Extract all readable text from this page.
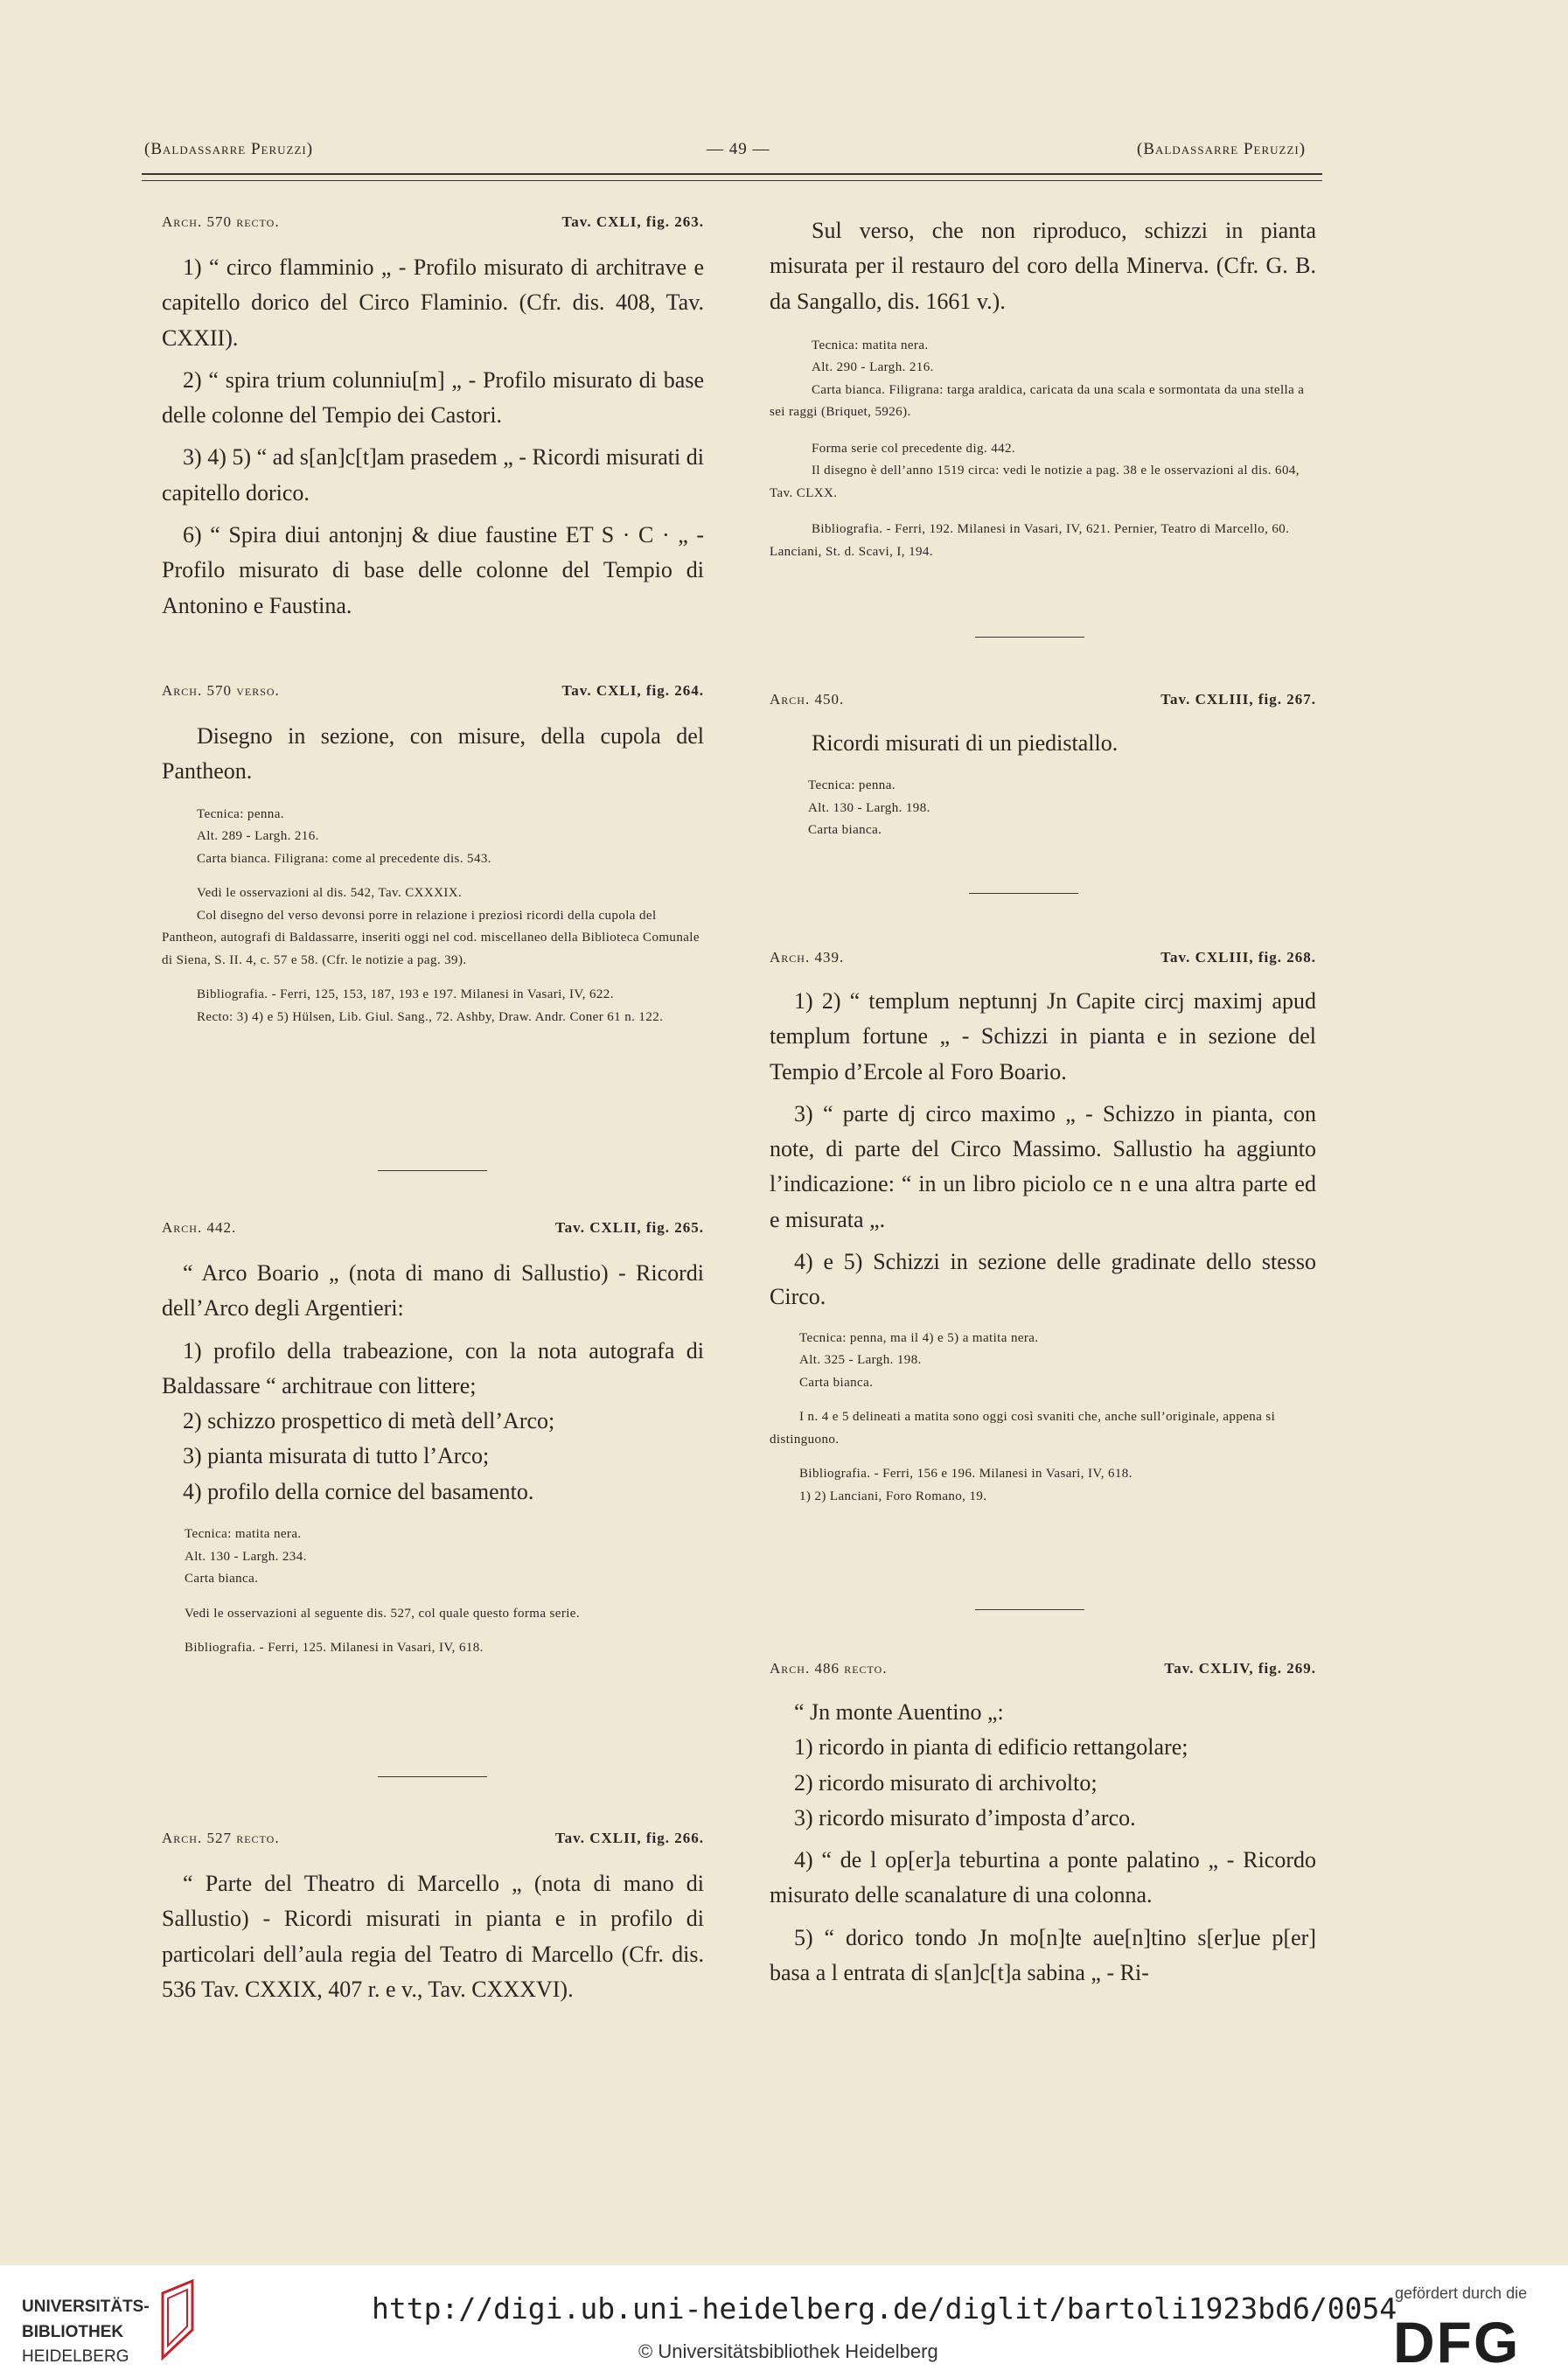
(Baldassarre Peruzzi)	— 49 —	(Baldassarre Peruzzi)
Arch. 570 recto.	Tav. CXLI, fig. 263.
1) “ circo flamminio „ - Profilo misurato di architrave e capitello dorico del Circo Flaminio. (Cfr. dis. 408, Tav. CXXII).
2) “ spira trium colunniu[m] „ - Profilo misurato di base delle colonne del Tempio dei Castori.
3) 4) 5) “ ad s[an]c[t]am prasedem „ - Ricordi misurati di capitello dorico.
6) “ Spira diui antonjnj & diue faustine ET S · C · „ - Profilo misurato di base delle colonne del Tempio di Antonino e Faustina.
Arch. 570 verso.	Tav. CXLI, fig. 264.
Disegno in sezione, con misure, della cupola del Pantheon.
Tecnica: penna.
Alt. 289 - Largh. 216.
Carta bianca. Filigrana: come al precedente dis. 543.
Vedi le osservazioni al dis. 542, Tav. CXXXIX.
Col disegno del verso devonsi porre in relazione i preziosi ricordi della cupola del Pantheon, autografi di Baldassarre, inseriti oggi nel cod. miscellaneo della Biblioteca Comunale di Siena, S. II. 4, c. 57 e 58. (Cfr. le notizie a pag. 39).
Bibliografia. - Ferri, 125, 153, 187, 193 e 197. Milanesi in Vasari, IV, 622.
Recto: 3) 4) e 5) Hülsen, Lib. Giul. Sang., 72. Ashby, Draw. Andr. Coner 61 n. 122.
Arch. 442.	Tav. CXLII, fig. 265.
“ Arco Boario „ (nota di mano di Sallustio) - Ricordi dell’Arco degli Argentieri:
1) profilo della trabeazione, con la nota autografa di Baldassare “ architraue con littere;
2) schizzo prospettico di metà dell’Arco;
3) pianta misurata di tutto l’Arco;
4) profilo della cornice del basamento.
Tecnica: matita nera.
Alt. 130 - Largh. 234.
Carta bianca.
Vedi le osservazioni al seguente dis. 527, col quale questo forma serie.
Bibliografia. - Ferri, 125. Milanesi in Vasari, IV, 618.
Arch. 527 recto.	Tav. CXLII, fig. 266.
“ Parte del Theatro di Marcello „ (nota di mano di Sallustio) - Ricordi misurati in pianta e in profilo di particolari dell’aula regia del Teatro di Marcello (Cfr. dis. 536 Tav. CXXIX, 407 r. e v., Tav. CXXXVI).
Sul verso, che non riproduco, schizzi in pianta misurata per il restauro del coro della Minerva. (Cfr. G. B. da Sangallo, dis. 1661 v.).
Tecnica: matita nera.
Alt. 290 - Largh. 216.
Carta bianca. Filigrana: targa araldica, caricata da una scala e sormontata da una stella a sei raggi (Briquet, 5926).
Forma serie col precedente dig. 442.
Il disegno è dell’anno 1519 circa: vedi le notizie a pag. 38 e le osservazioni al dis. 604, Tav. CLXX.
Bibliografia. - Ferri, 192. Milanesi in Vasari, IV, 621. Pernier, Teatro di Marcello, 60. Lanciani, St. d. Scavi, I, 194.
Arch. 450.	Tav. CXLIII, fig. 267.
Ricordi misurati di un piedistallo.
Tecnica: penna.
Alt. 130 - Largh. 198.
Carta bianca.
Arch. 439.	Tav. CXLIII, fig. 268.
1) 2) “ templum neptunnj Jn Capite circj maximj apud templum fortune „ - Schizzi in pianta e in sezione del Tempio d’Ercole al Foro Boario.
3) “ parte dj circo maximo „ - Schizzo in pianta, con note, di parte del Circo Massimo. Sallustio ha aggiunto l’indicazione: “ in un libro piciolo ce n e una altra parte ed e misurata „.
4) e 5) Schizzi in sezione delle gradinate dello stesso Circo.
Tecnica: penna, ma il 4) e 5) a matita nera.
Alt. 325 - Largh. 198.
Carta bianca.
I n. 4 e 5 delineati a matita sono oggi così svaniti che, anche sull’originale, appena si distinguono.
Bibliografia. - Ferri, 156 e 196. Milanesi in Vasari, IV, 618.
1) 2) Lanciani, Foro Romano, 19.
Arch. 486 recto.	Tav. CXLIV, fig. 269.
“ Jn monte Auentino „:
1) ricordo in pianta di edificio rettangolare;
2) ricordo misurato di archivolto;
3) ricordo misurato d’imposta d’arco.
4) “ de l op[er]a teburtina a ponte palatino „ - Ricordo misurato delle scanalature di una colonna.
5) “ dorico tondo Jn mo[n]te aue[n]tino s[er]ue p[er] basa a l entrata di s[an]c[t]a sabina „ - Ri-
UNIVERSITÄTS-
BIBLIOTHEK
HEIDELBERG
http://digi.ub.uni-heidelberg.de/diglit/bartoli1923bd6/0054
© Universitätsbibliothek Heidelberg
gefördert durch die
DFG
